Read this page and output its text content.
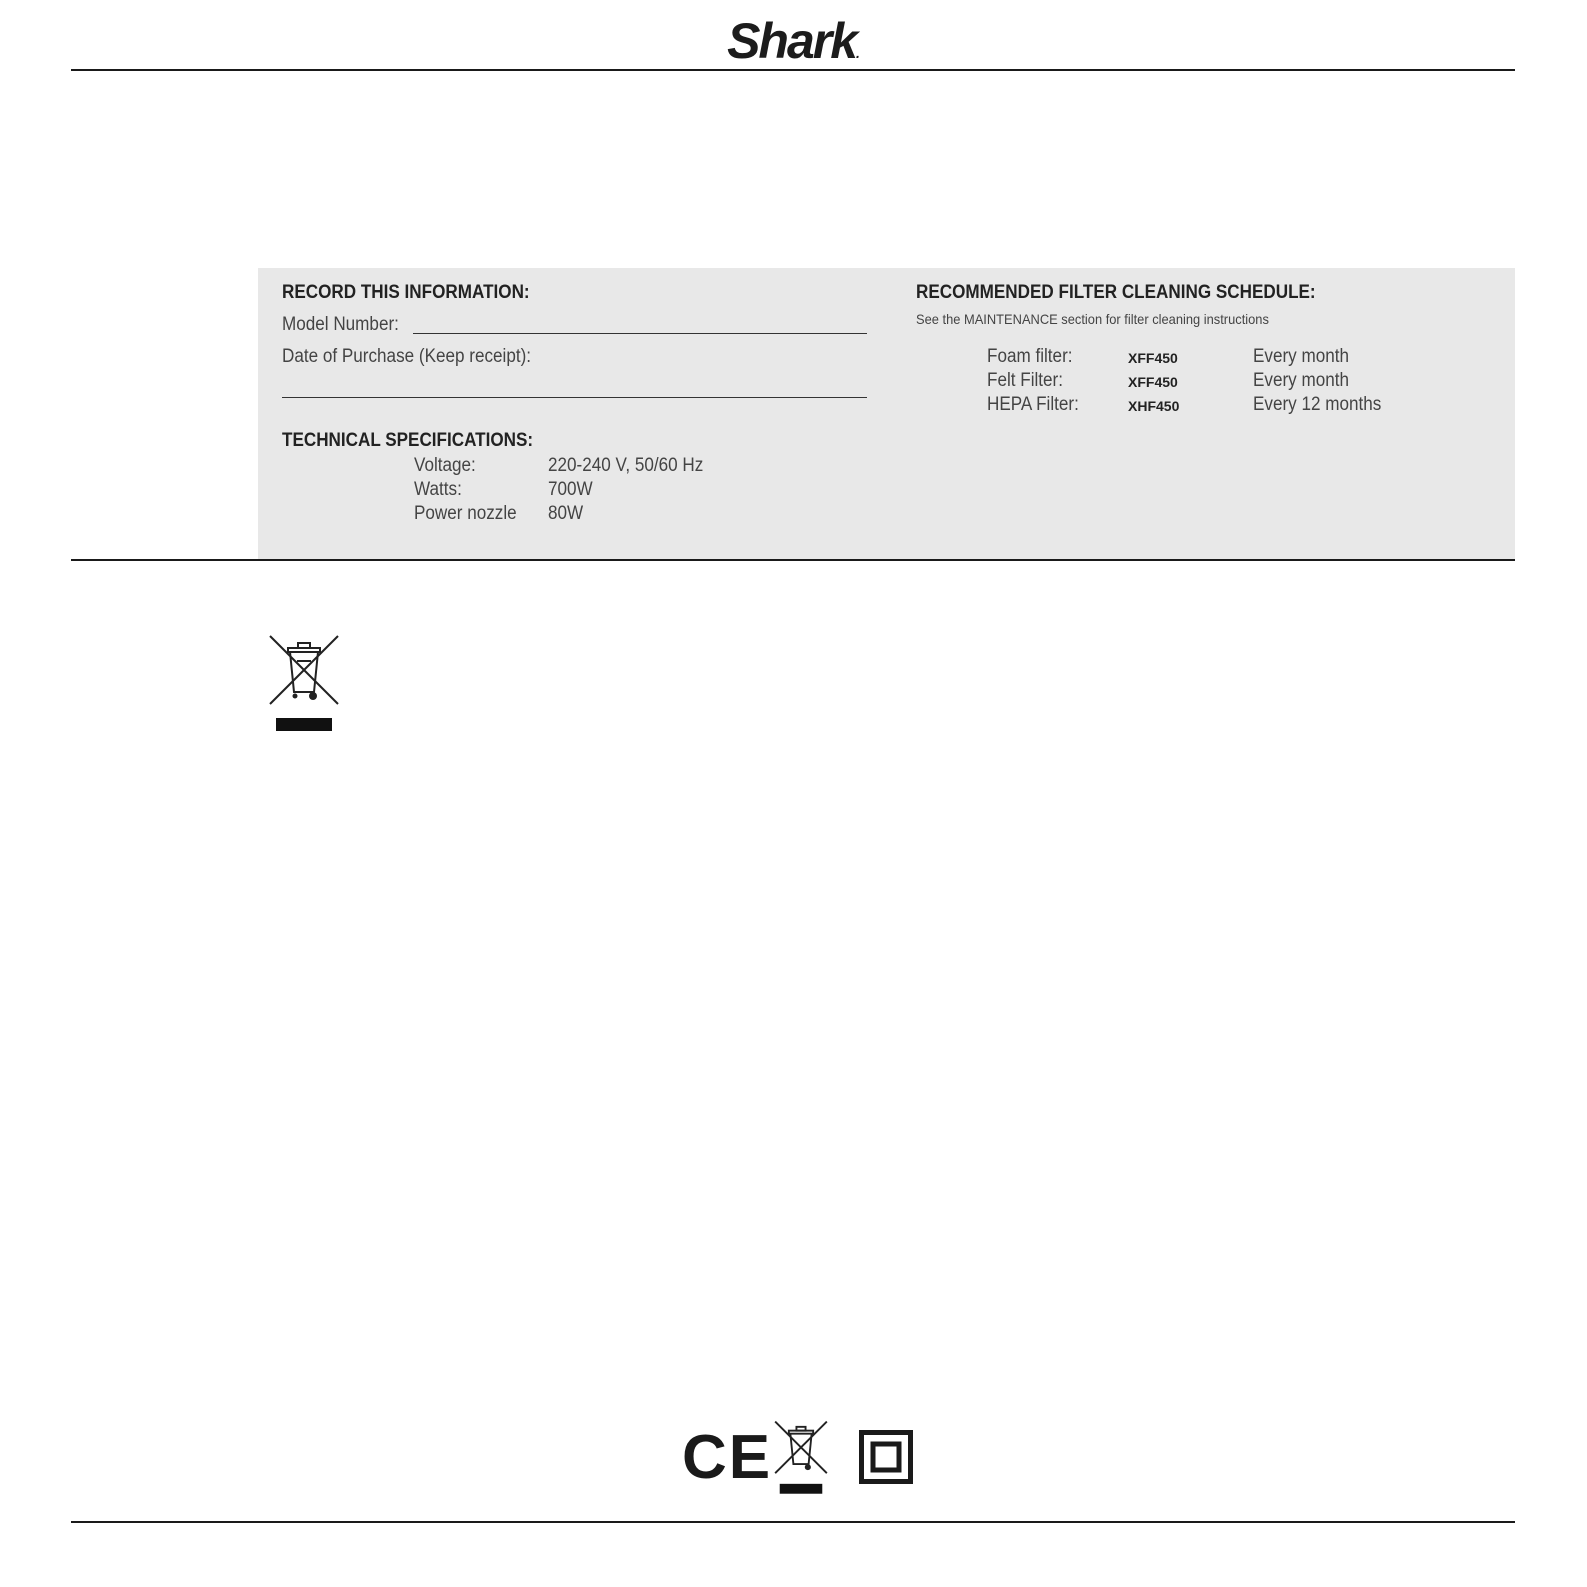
Shark.
RECORD THIS INFORMATION:
Model Number:
Date of Purchase (Keep receipt):
TECHNICAL SPECIFICATIONS:
Voltage:	220-240 V, 50/60 Hz
Watts:	700W
Power nozzle 80W
RECOMMENDED FILTER CLEANING SCHEDULE:
See the MAINTENANCE section for filter cleaning instructions
Foam filter:	XFF450	Every month
Felt Filter:	XFF450	Every month
HEPA Filter:	XHF450	Every 12 months
CE
